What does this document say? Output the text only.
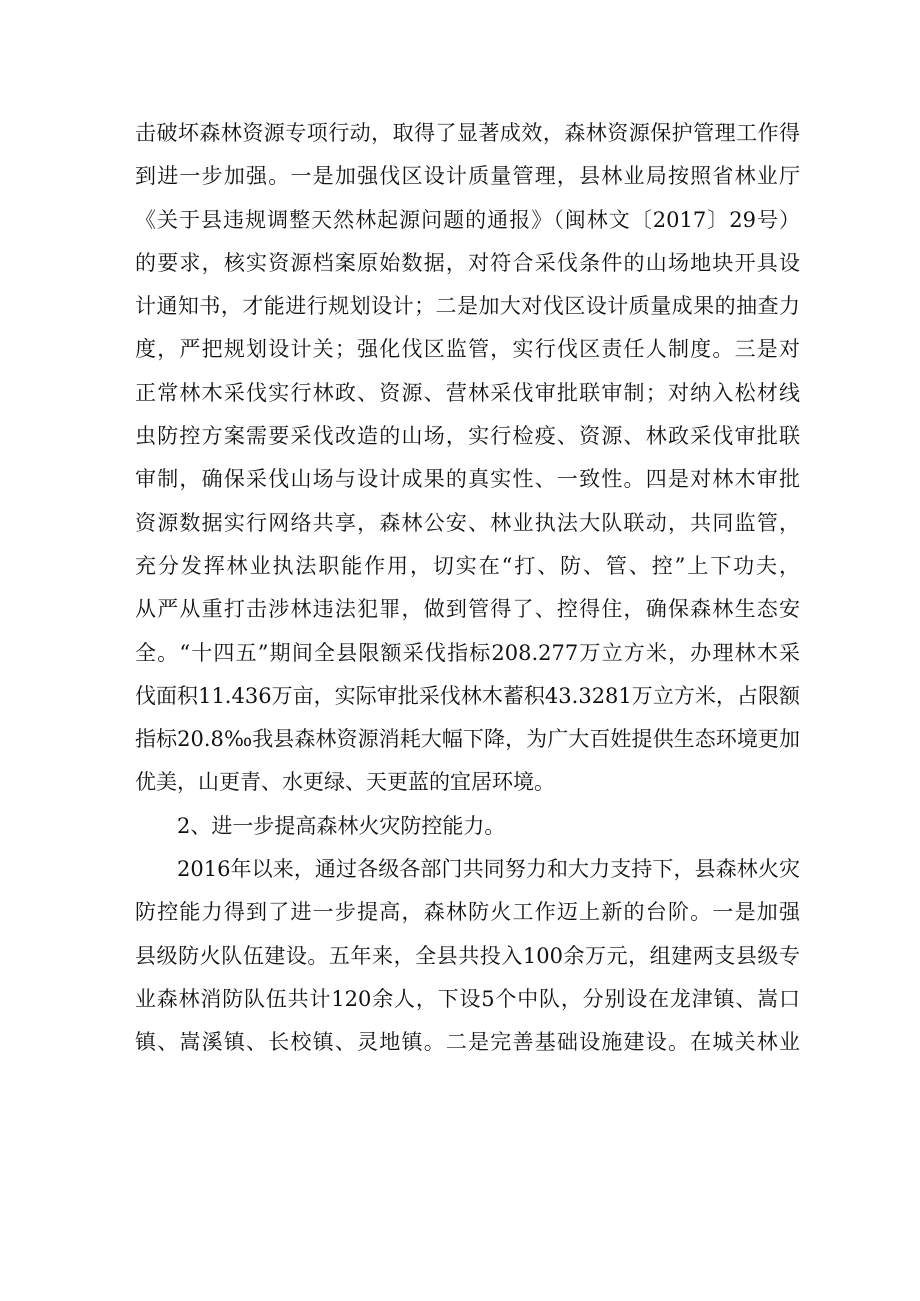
击破坏森林资源专项行动，取得了显著成效，森林资源保护管理工作得
到进一步加强。一是加强伐区设计质量管理，县林业局按照省林业厅
《关于县违规调整天然林起源问题的通报》（闽林文〔2017〕29号）
的要求，核实资源档案原始数据，对符合采伐条件的山场地块开具设
计通知书，才能进行规划设计；二是加大对伐区设计质量成果的抽查力
度，严把规划设计关；强化伐区监管，实行伐区责任人制度。三是对
正常林木采伐实行林政、资源、营林采伐审批联审制；对纳入松材线
虫防控方案需要采伐改造的山场，实行检疫、资源、林政采伐审批联
审制，确保采伐山场与设计成果的真实性、一致性。四是对林木审批
资源数据实行网络共享，森林公安、林业执法大队联动，共同监管，
充分发挥林业执法职能作用，切实在“打、防、管、控”上下功夫，
从严从重打击涉林违法犯罪，做到管得了、控得住，确保森林生态安
全。“十四五”期间全县限额采伐指标208.277万立方米，办理林木采
伐面积11.436万亩，实际审批采伐林木蓄积43.3281万立方米，占限额
指标20.8‰我县森林资源消耗大幅下降，为广大百姓提供生态环境更加
优美，山更青、水更绿、天更蓝的宜居环境。
2、进一步提高森林火灾防控能力。
2016年以来，通过各级各部门共同努力和大力支持下，县森林火灾
防控能力得到了进一步提高，森林防火工作迈上新的台阶。一是加强
县级防火队伍建设。五年来，全县共投入100余万元，组建两支县级专
业森林消防队伍共计120余人，下设5个中队，分别设在龙津镇、嵩口
镇、嵩溪镇、长校镇、灵地镇。二是完善基础设施建设。在城关林业
